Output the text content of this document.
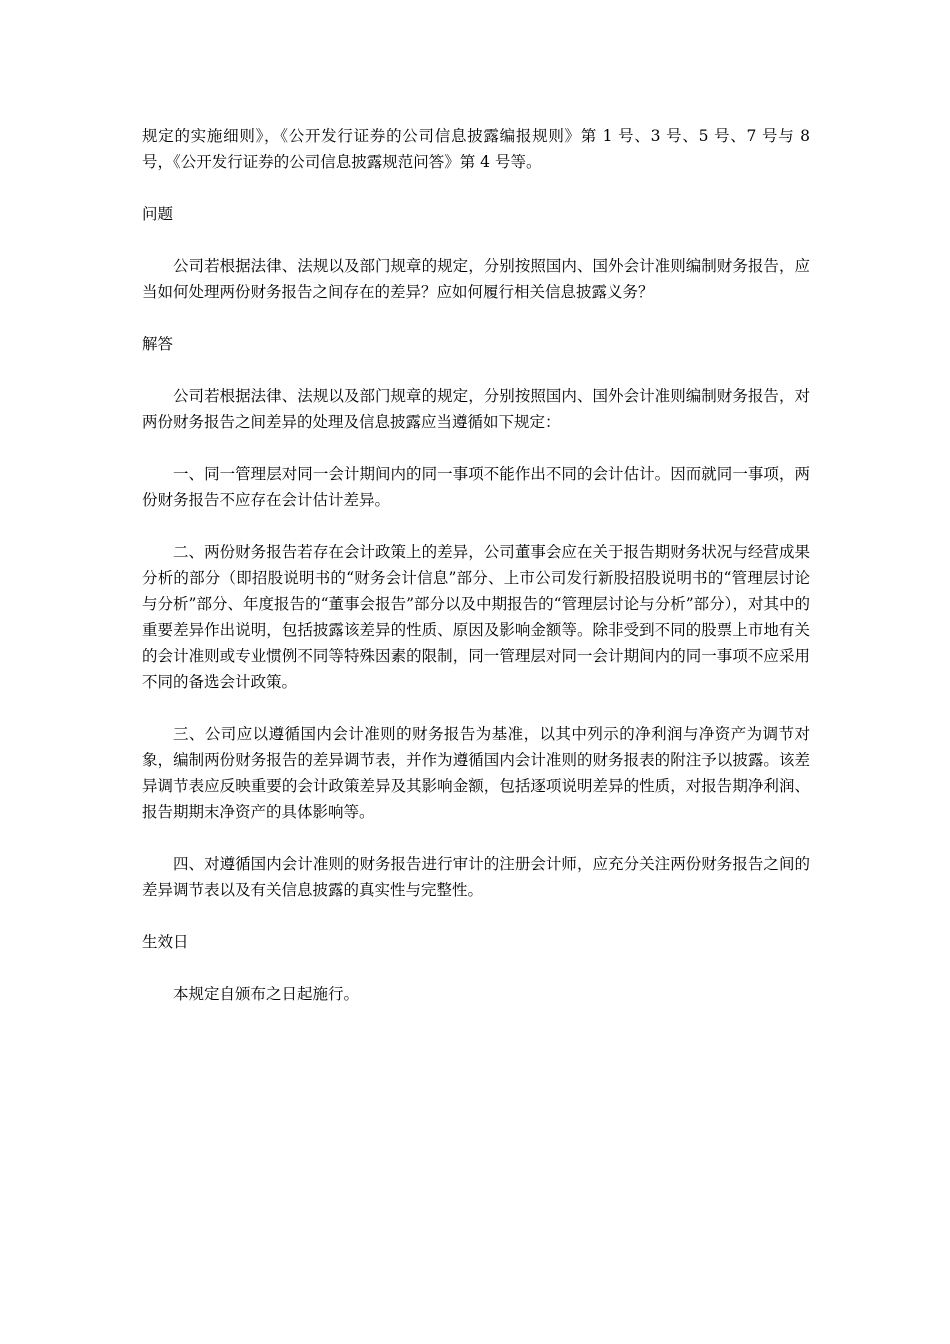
规定的实施细则》，《公开发行证券的公司信息披露编报规则》第 1 号、3 号、5 号、7 号与 8 号，《公开发行证券的公司信息披露规范问答》第 4 号等。

问题

公司若根据法律、法规以及部门规章的规定，分别按照国内、国外会计准则编制财务报告，应当如何处理两份财务报告之间存在的差异？应如何履行相关信息披露义务？

解答

公司若根据法律、法规以及部门规章的规定，分别按照国内、国外会计准则编制财务报告，对两份财务报告之间差异的处理及信息披露应当遵循如下规定：

一、同一管理层对同一会计期间内的同一事项不能作出不同的会计估计。因而就同一事项，两份财务报告不应存在会计估计差异。

二、两份财务报告若存在会计政策上的差异，公司董事会应在关于报告期财务状况与经营成果分析的部分（即招股说明书的“财务会计信息”部分、上市公司发行新股招股说明书的“管理层讨论与分析”部分、年度报告的“董事会报告”部分以及中期报告的“管理层讨论与分析”部分），对其中的重要差异作出说明，包括披露该差异的性质、原因及影响金额等。除非受到不同的股票上市地有关的会计准则或专业惯例不同等特殊因素的限制，同一管理层对同一会计期间内的同一事项不应采用不同的备选会计政策。

三、公司应以遵循国内会计准则的财务报告为基准，以其中列示的净利润与净资产为调节对象，编制两份财务报告的差异调节表，并作为遵循国内会计准则的财务报表的附注予以披露。该差异调节表应反映重要的会计政策差异及其影响金额，包括逐项说明差异的性质，对报告期净利润、报告期期末净资产的具体影响等。

四、对遵循国内会计准则的财务报告进行审计的注册会计师，应充分关注两份财务报告之间的差异调节表以及有关信息披露的真实性与完整性。

生效日

本规定自颁布之日起施行。
